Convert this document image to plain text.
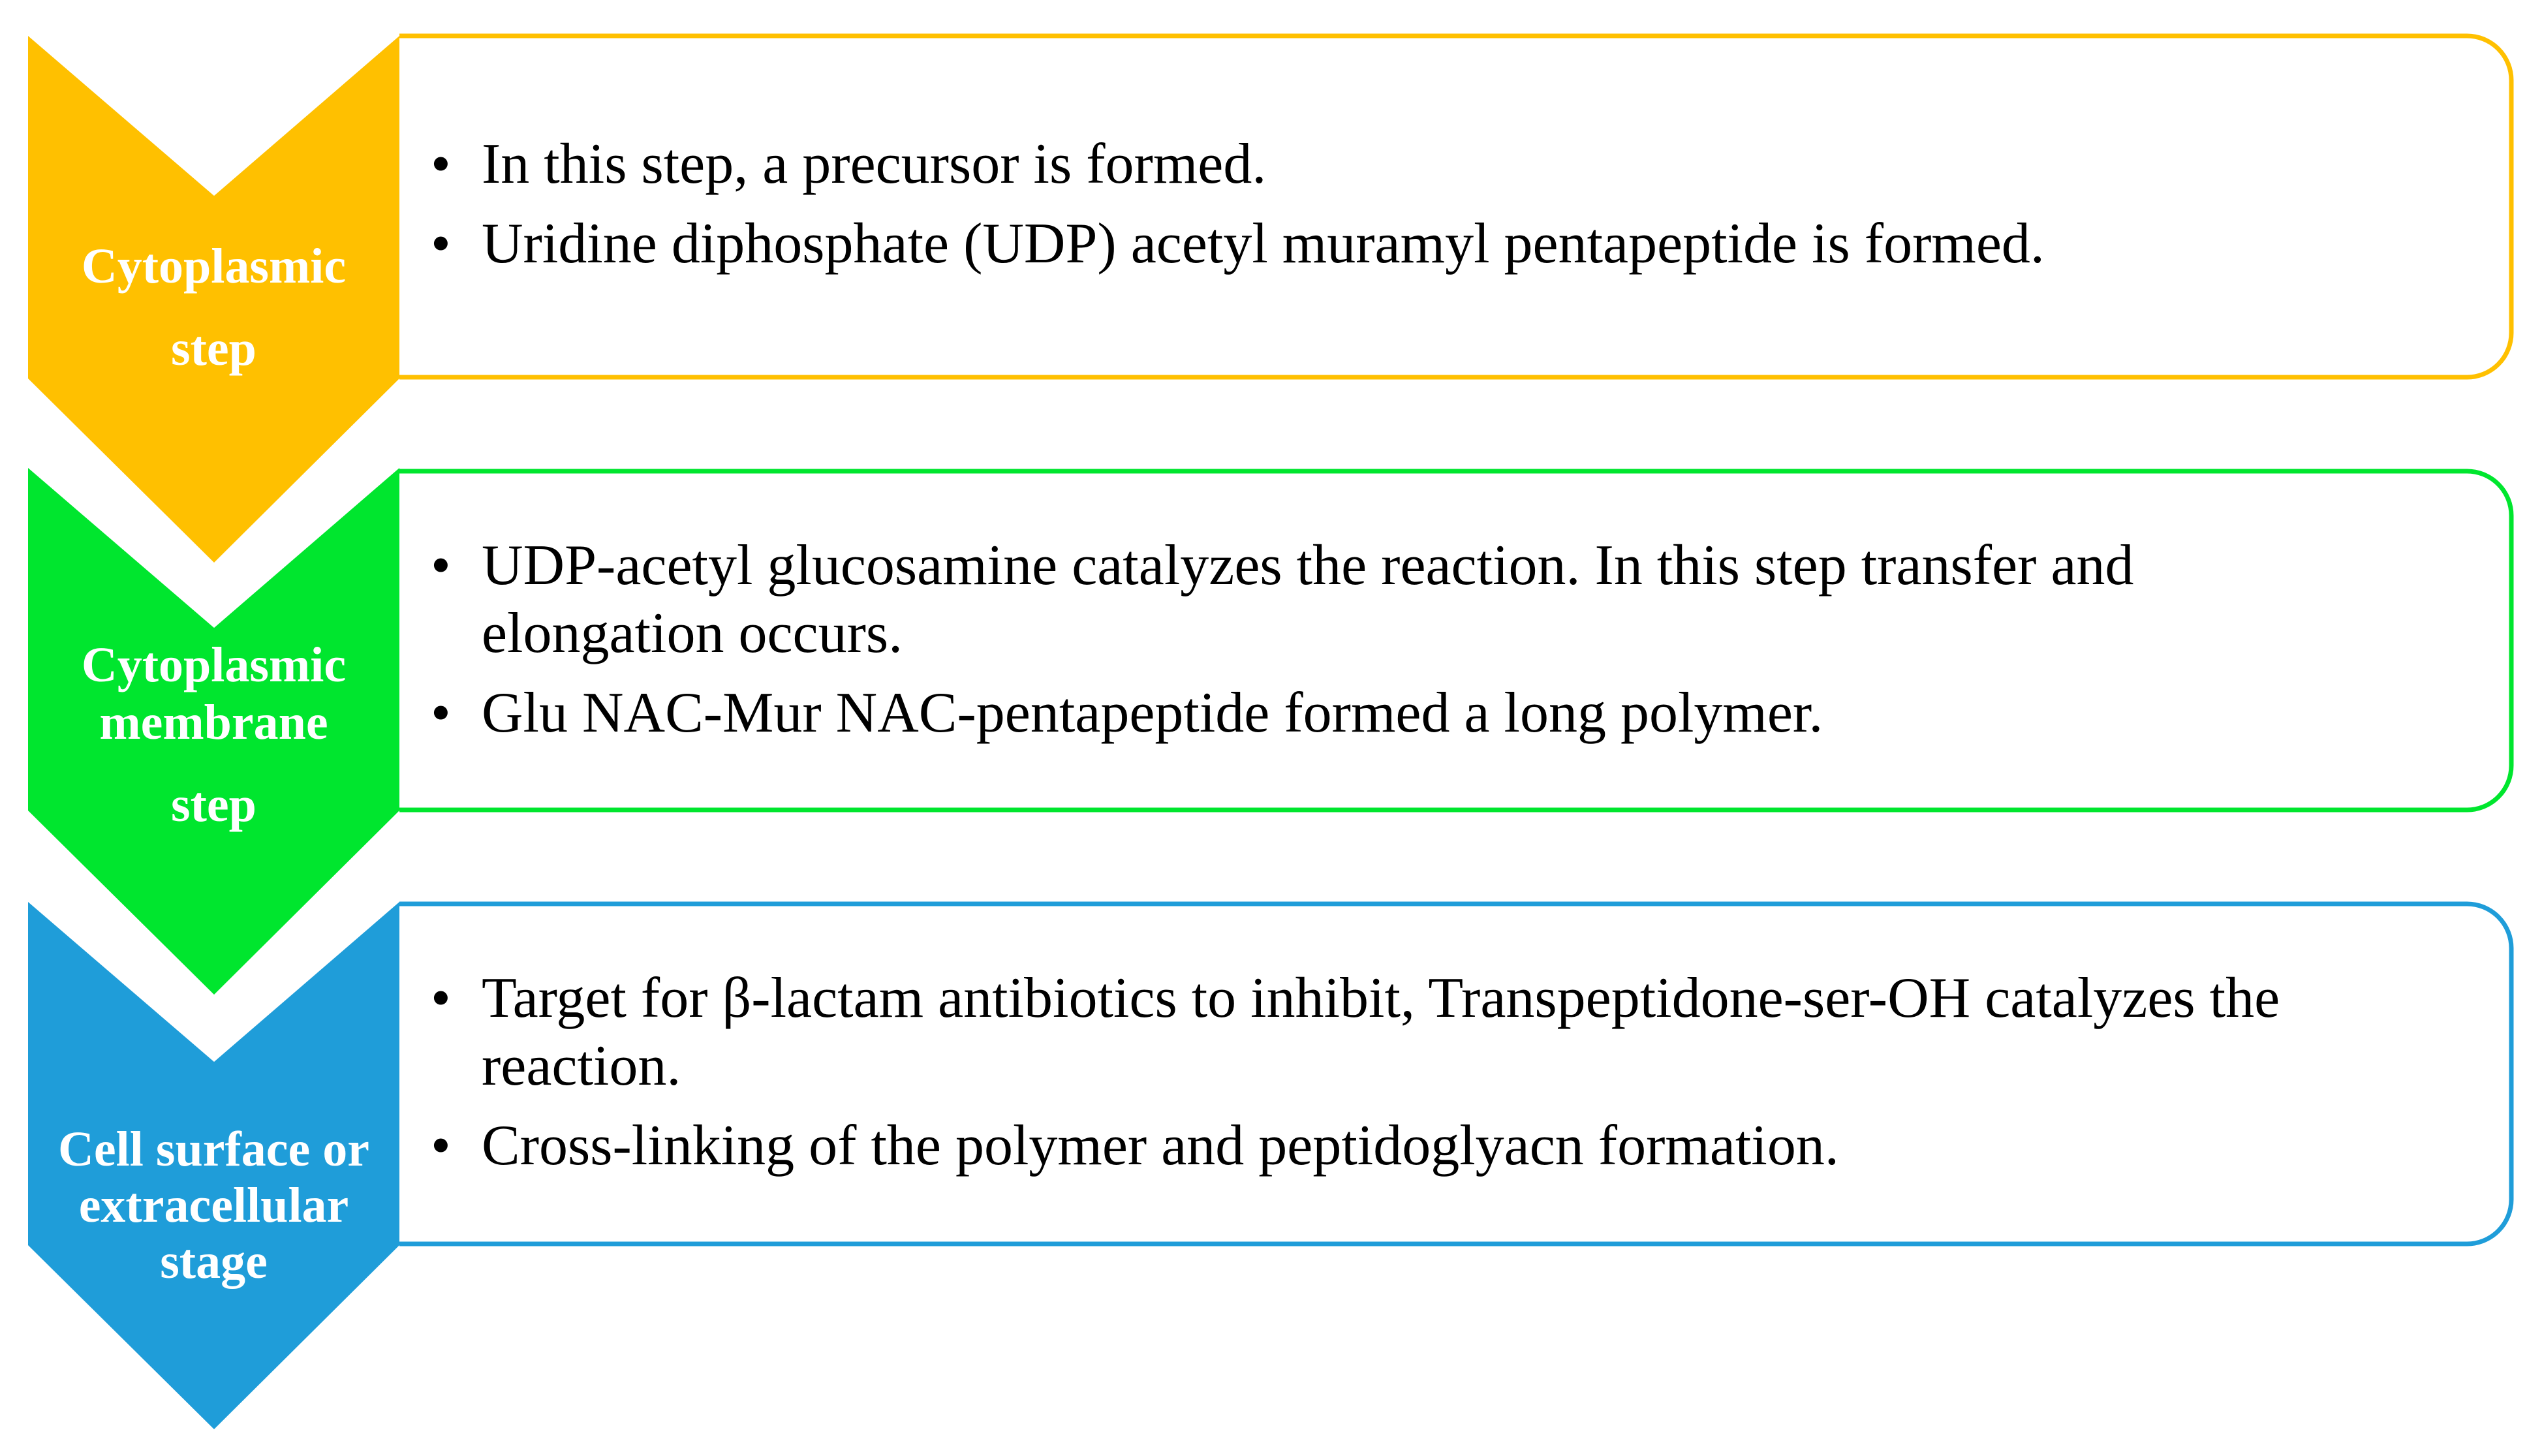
Cytoplasmic
step
Cytoplasmic
membrane
step
Cell surface or
extracellular
stage

• In this step, a precursor is formed.

• Uridine diphosphate (UDP) acetyl muramyl pentapeptide is formed.

• UDP-acetyl glucosamine catalyzes the reaction. In this step transfer and elongation occurs.

• Glu NAC-Mur NAC-pentapeptide formed a long polymer.

• Target for β-lactam antibiotics to inhibit, Transpeptidone-ser-OH catalyzes the reaction.

• Cross-linking of the polymer and peptidoglyacn formation.
